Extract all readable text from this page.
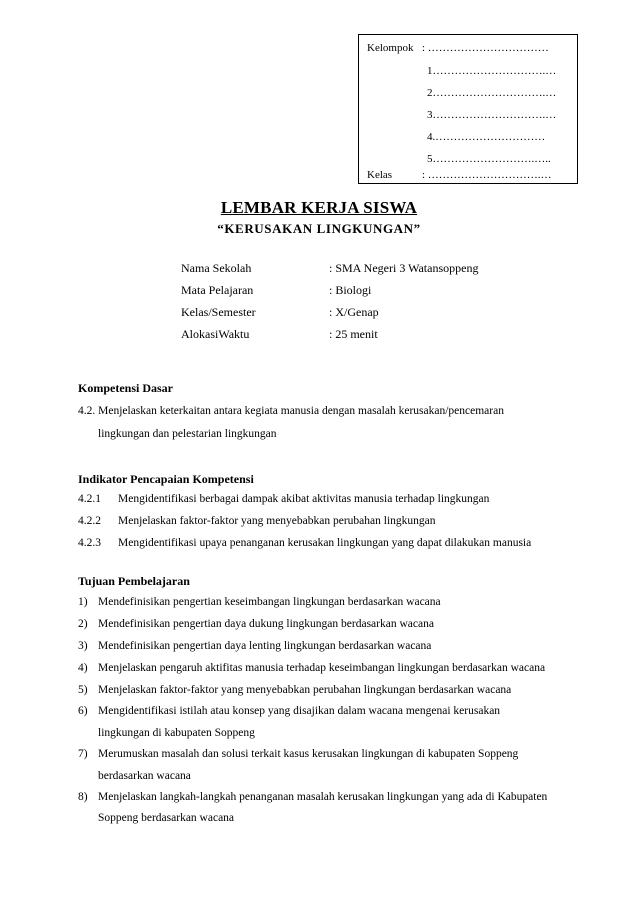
Kelompok : ……………………………
1………………………….…
2………………………….…
3………………………….…
4.…………………………
5……………………….…..
Kelas	: ………………………….…
LEMBAR KERJA SISWA
“KERUSAKAN LINGKUNGAN”
Nama Sekolah	: SMA Negeri 3 Watansoppeng
Mata Pelajaran	: Biologi
Kelas/Semester	: X/Genap
AlokasiWaktu	: 25 menit
Kompetensi Dasar
4.2. Menjelaskan keterkaitan antara kegiata manusia dengan masalah kerusakan/pencemaran
lingkungan dan pelestarian lingkungan
Indikator Pencapaian Kompetensi
4.2.1 Mengidentifikasi berbagai dampak akibat aktivitas manusia terhadap lingkungan
4.2.2 Menjelaskan faktor-faktor yang menyebabkan perubahan lingkungan
4.2.3 Mengidentifikasi upaya penanganan kerusakan lingkungan yang dapat dilakukan manusia
Tujuan Pembelajaran
1) Mendefinisikan pengertian keseimbangan lingkungan berdasarkan wacana
2) Mendefinisikan pengertian daya dukung lingkungan berdasarkan wacana
3) Mendefinisikan pengertian daya lenting lingkungan berdasarkan wacana
4) Menjelaskan pengaruh aktifitas manusia terhadap keseimbangan lingkungan berdasarkan wacana
5) Menjelaskan faktor-faktor yang menyebabkan perubahan lingkungan berdasarkan wacana
6) Mengidentifikasi istilah atau konsep yang disajikan dalam wacana mengenai kerusakan
lingkungan di kabupaten Soppeng
7) Merumuskan masalah dan solusi terkait kasus kerusakan lingkungan di kabupaten Soppeng
berdasarkan wacana
8) Menjelaskan langkah-langkah penanganan masalah kerusakan lingkungan yang ada di Kabupaten
Soppeng berdasarkan wacana
